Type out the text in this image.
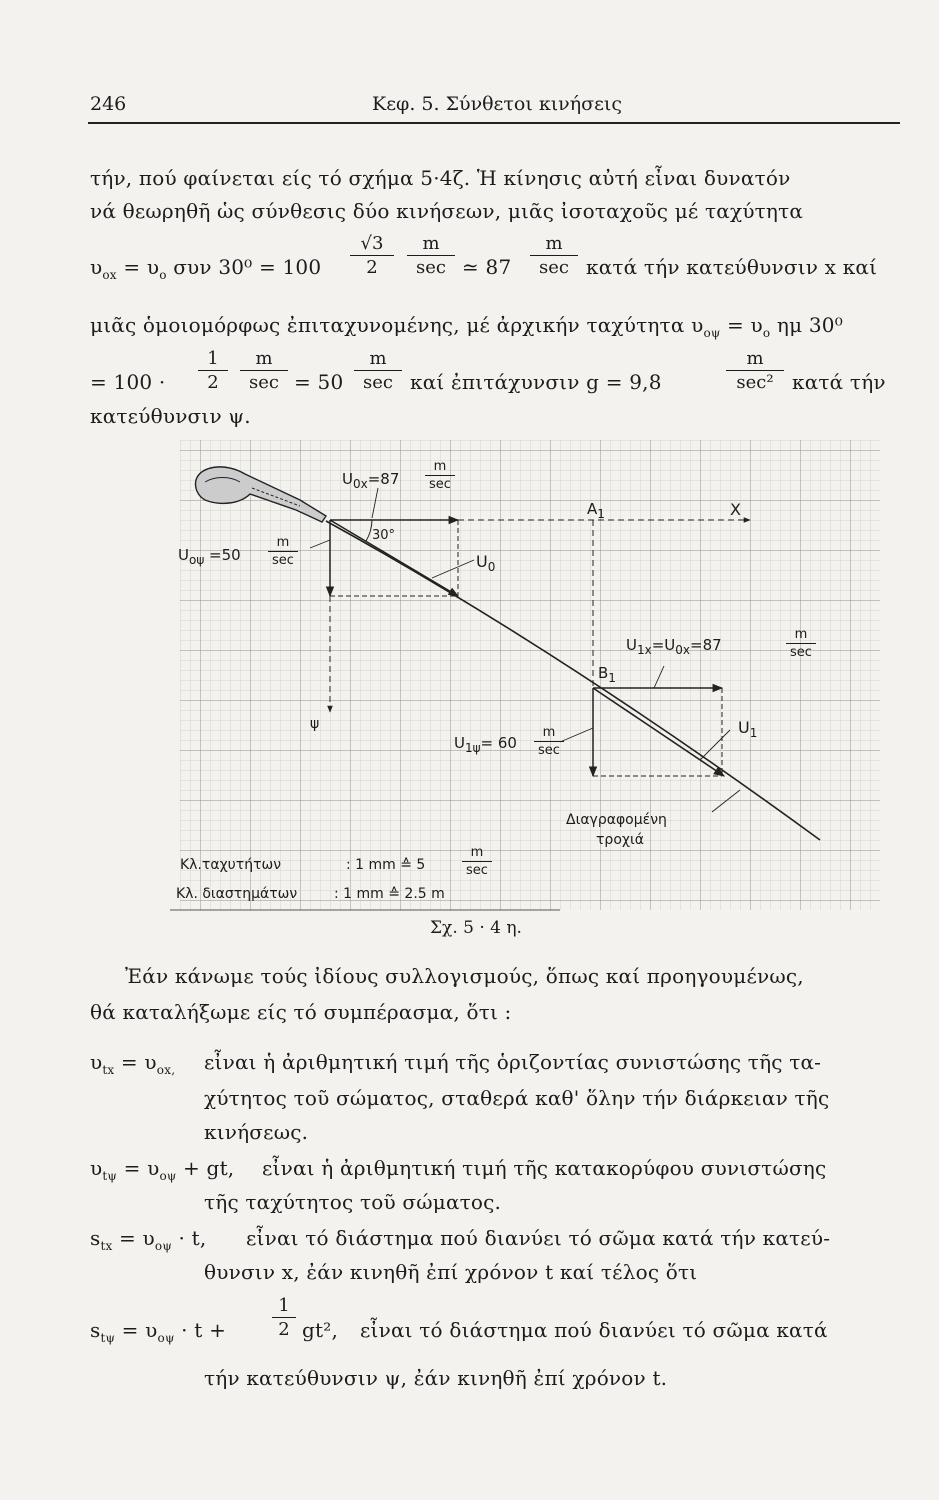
246	Κεφ. 5. Σύνθετοι κινήσεις
τήν, πού φαίνεται είς τό σχήμα 5·4ζ. Ἡ κίνησις αὐτή εἶναι δυνατόν
νά θεωρηθῆ ὡς σύνθεσις δύο κινήσεων, μιᾶς ἰσοταχοῦς μέ ταχύτητα
$\upsilon_{ox} = \upsilon_o$ συν $30^0 = 100 \frac{√3}{2}$	m
sec ≃ 87
m
sec κατά τήν κατεύθυνσιν x καί
μιᾶς ὁμοιομόρφως ἐπιταχυνομένης, μέ ἀρχικήν ταχύτητα $\upsilon_{o\psi} = \upsilon_o$ ημ 30⁰
= $100 \cdot \frac{1}{2}$	m
sec = 50
m
sec καί ἐπιτάχυνσιν g = 9,8
m
sec² κατά τήν
κατεύθυνσιν ψ.
$U_{0x}=87$
m
sec
30°
$U_0$
$U_{o\psi} =50$
m
sec
$A_1$	X
$U_{1x}=U_{0x}=87$
m
sec
$B_1$
$U_1$
$U_{1\psi}= 60$
m
sec
ψ
Διαγραφομένη
τροχιά
Κλ.ταχυτήτων	: 1 mm ≙ 5
m
sec
Κλ. διαστημάτων	: 1 mm ≙ 2.5 m
Σχ. 5 · 4 η.
Ἐάν κάνωμε τούς ἰδίους συλλογισμούς, ὅπως καί προηγουμένως,
θά καταλήξωμε είς τό συμπέρασμα, ὅτι :
$\upsilon_{tx} = \upsilon_{ox,}$ εἶναι ἡ ἀριθμητική τιμή τῆς ὁριζοντίας συνιστώσης τῆς τα-
χύτητος τοῦ σώματος, σταθερά καθ' ὅλην τήν διάρκειαν τῆς
κινήσεως.
$\upsilon_{t\psi} = \upsilon_{o\psi}$ + gt, εἶναι ἡ ἀριθμητική τιμή τῆς κατακορύφου συνιστώσης
τῆς ταχύτητος τοῦ σώματος.
$s_{tx} = \upsilon_{o\psi} \cdot t$, εἶναι τό διάστημα πού διανύει τό σῶμα κατά τήν κατεύ-
θυνσιν x, ἐάν κινηθῆ ἐπί χρόνον t καί τέλος ὅτι
$s_{t\psi} = \upsilon_{o\psi} \cdot t$ +	$\frac{1}{2} gt^2$, εἶναι τό διάστημα πού διανύει τό σῶμα κατά
τήν κατεύθυνσιν ψ, ἐάν κινηθῆ ἐπί χρόνον t.
